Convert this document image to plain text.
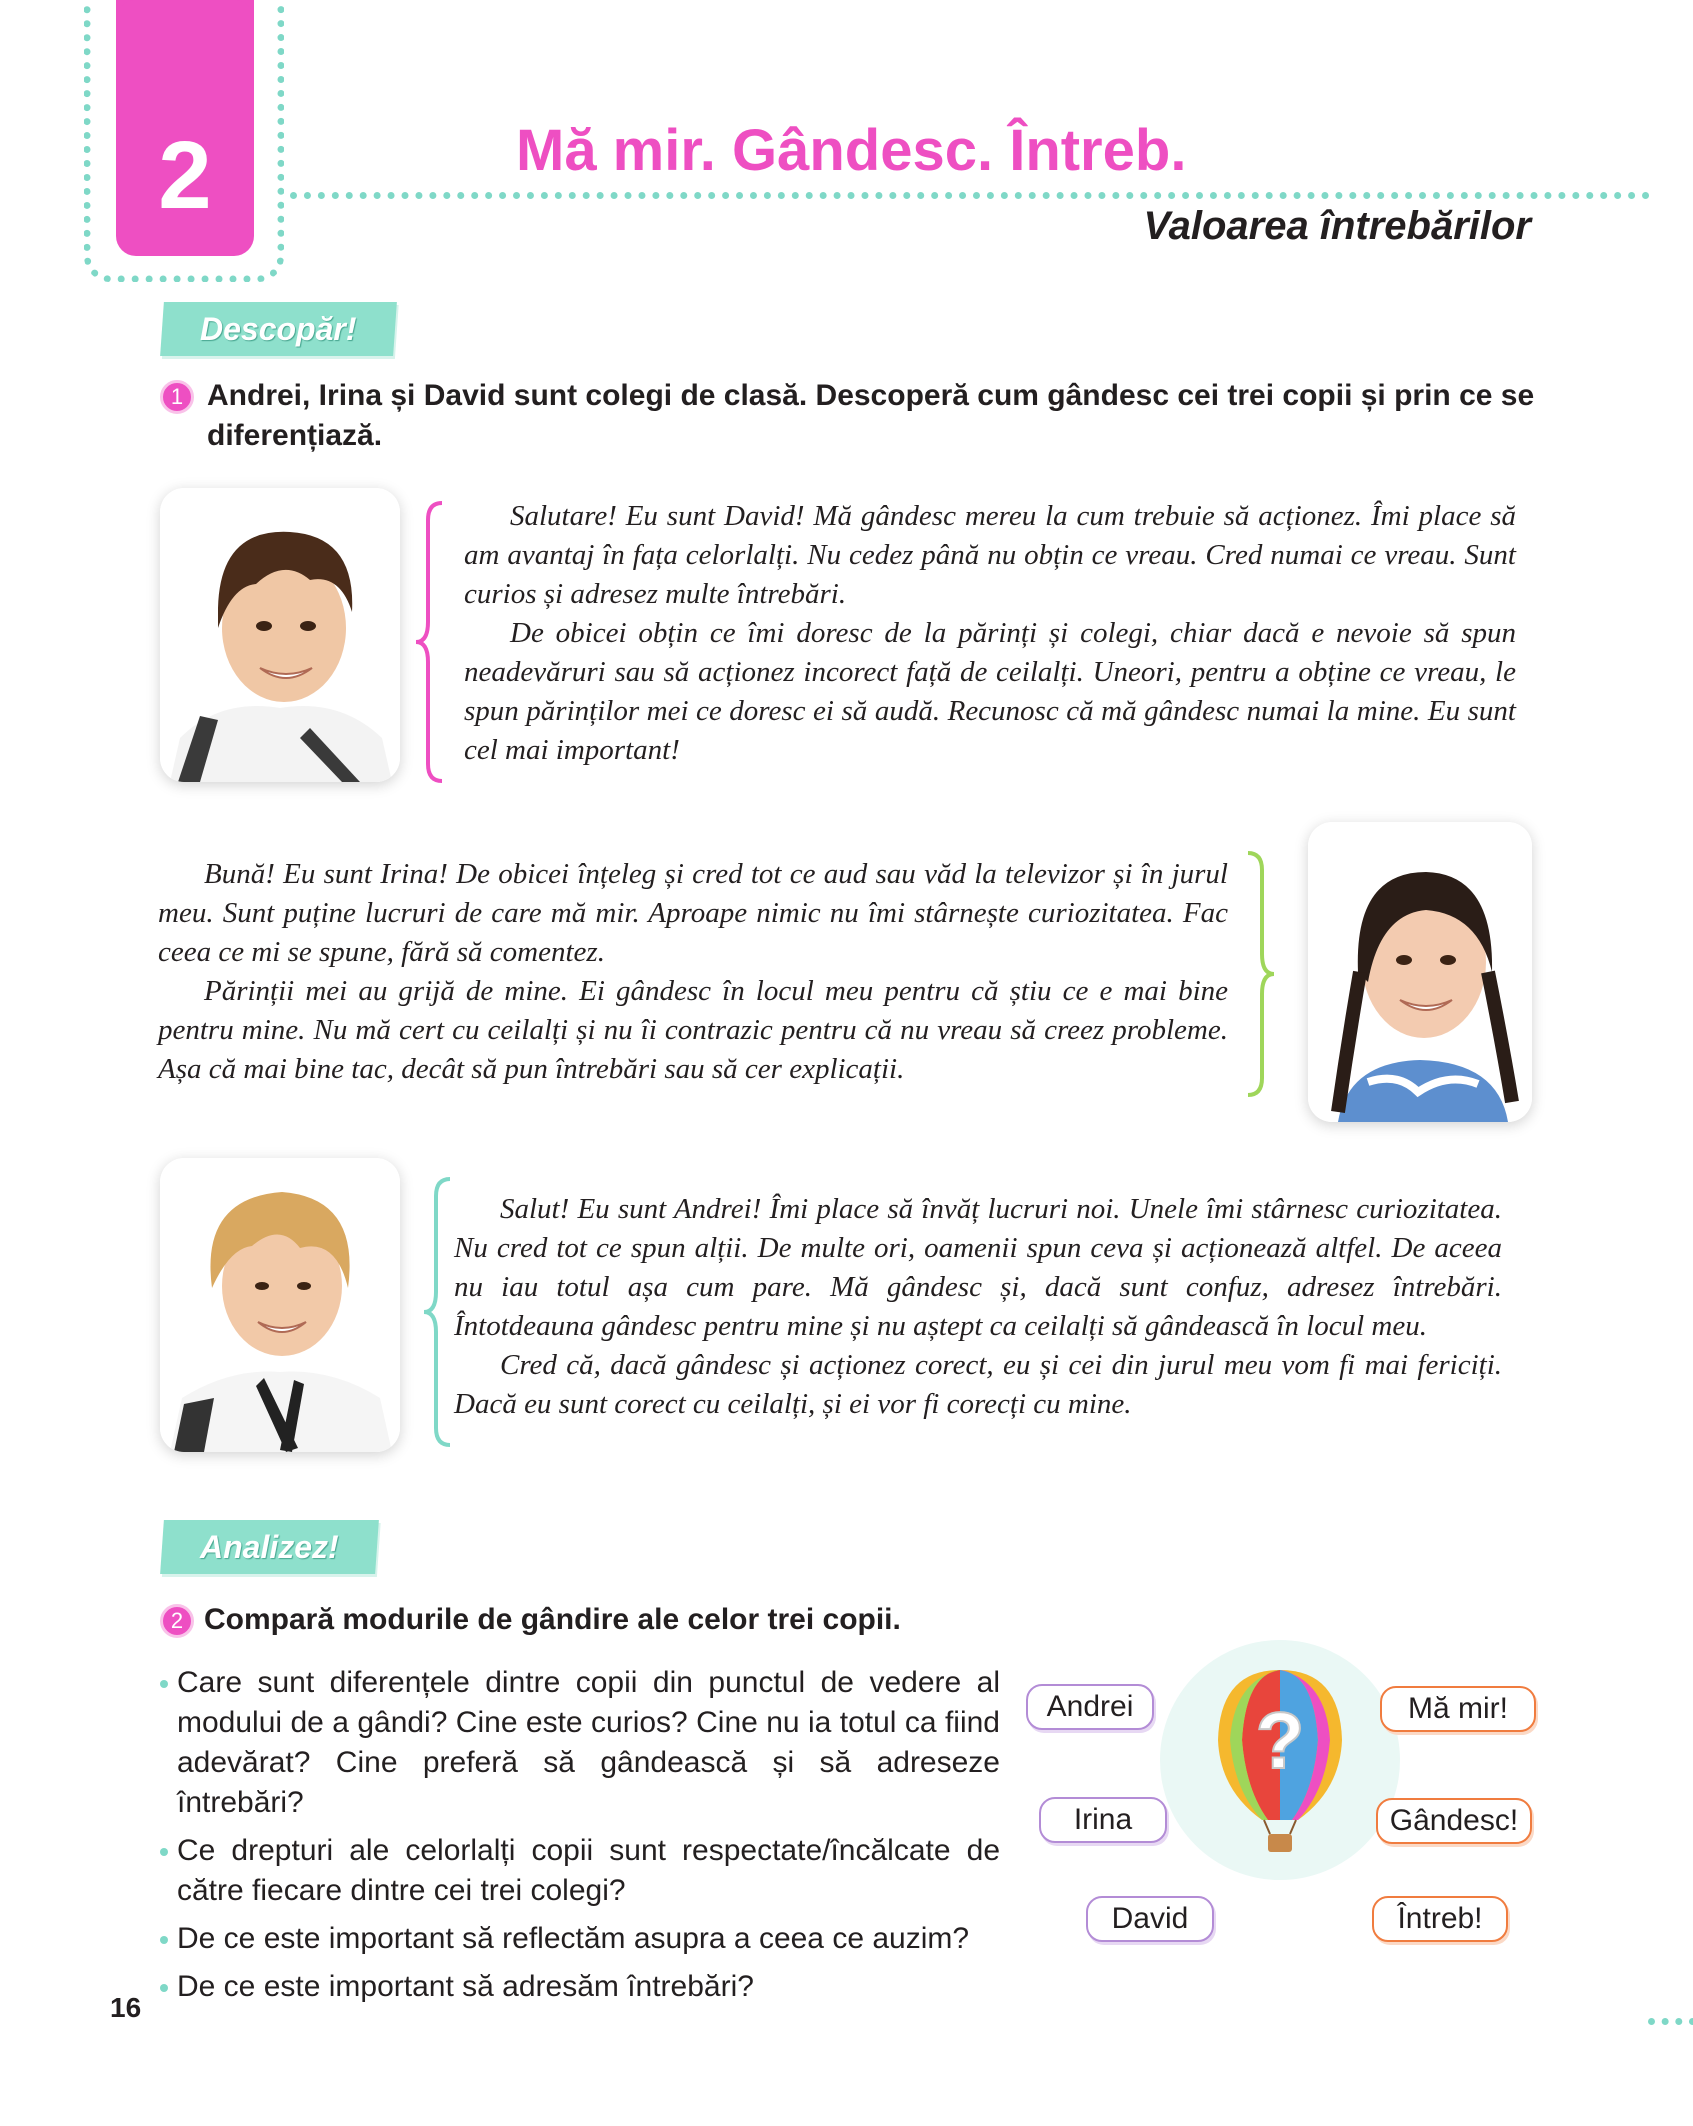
2	Mă mir. Gândesc. Întreb.
Valoarea întrebărilor
Descopăr!
1 Andrei, Irina și David sunt colegi de clasă. Descoperă cum gândesc cei trei copii și prin ce se
diferențiază.

Salutare! Eu sunt David! Mă gândesc mereu la cum trebuie să acționez. Îmi place să am avantaj în fața celorlalți. Nu cedez până nu obțin ce vreau. Cred numai ce vreau. Sunt curios și adresez multe întrebări.

De obicei obțin ce îmi doresc de la părinți și colegi, chiar dacă e nevoie să spun neadevăruri sau să acționez incorect față de ceilalți. Uneori, pentru a obține ce vreau, le spun părinților mei ce doresc ei să audă. Recunosc că mă gândesc numai la mine. Eu sunt cel mai important!

Bună! Eu sunt Irina! De obicei înțeleg și cred tot ce aud sau văd la televizor și în jurul meu. Sunt puține lucruri de care mă mir. Aproape nimic nu îmi stârnește curiozitatea. Fac ceea ce mi se spune, fără să comentez.

Părinții mei au grijă de mine. Ei gândesc în locul meu pentru că știu ce e mai bine pentru mine. Nu mă cert cu ceilalți și nu îi contrazic pentru că nu vreau să creez probleme. Așa că mai bine tac, decât să pun întrebări sau să cer explicații.

Salut! Eu sunt Andrei! Îmi place să învăț lucruri noi. Unele îmi stârnesc curiozitatea. Nu cred tot ce spun alții. De multe ori, oamenii spun ceva și acționează altfel. De aceea nu iau totul așa cum pare. Mă gândesc și, dacă sunt confuz, adresez întrebări. Întotdeauna gândesc pentru mine și nu aștept ca ceilalți să gândească în locul meu.

Cred că, dacă gândesc și acționez corect, eu și cei din jurul meu vom fi mai fericiți. Dacă eu sunt corect cu ceilalți, și ei vor fi corecți cu mine.

Analizez!
2 Compară modurile de gândire ale celor trei copii.
Care sunt diferențele dintre copii din punctul de vedere al modului de a gândi? Cine este curios? Cine nu ia totul ca fiind adevărat? Cine preferă să gândească și să adreseze întrebări?
Ce drepturi ale celorlalți copii sunt respectate/încălcate de către fiecare dintre cei trei colegi?
De ce este important să reflectăm asupra a ceea ce auzim?
De ce este important să adresăm întrebări?
?
Andrei
Irina
David
Mă mir!
Gândesc!
Întreb!
16
